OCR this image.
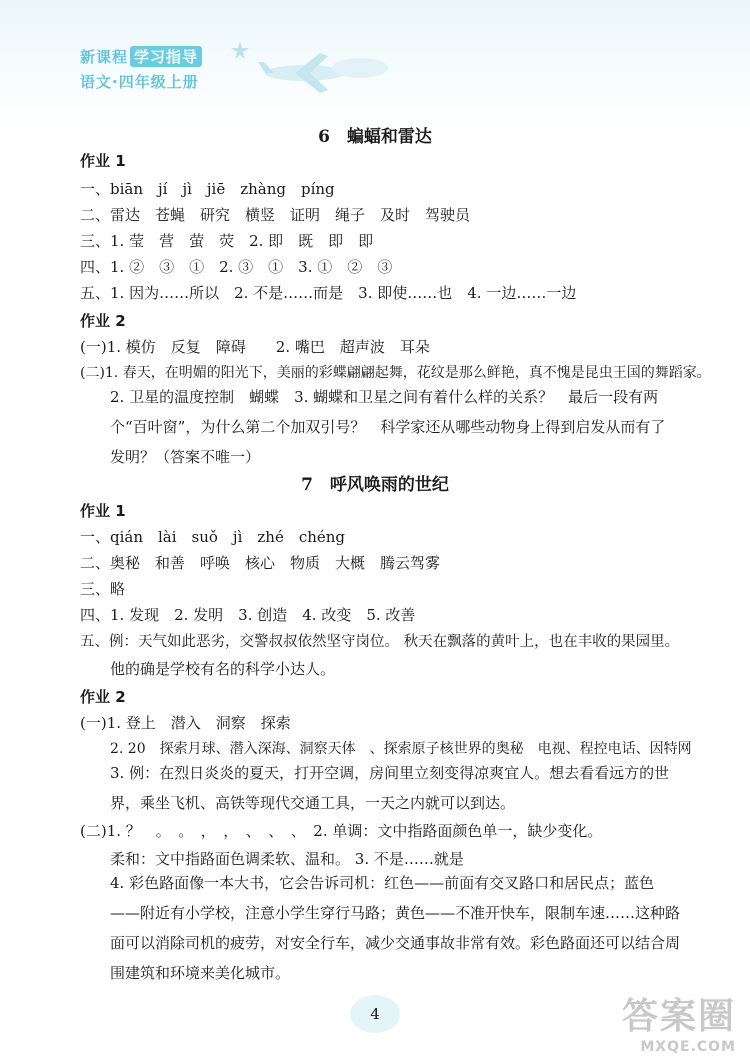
新课程 学习指导
语文·四年级上册
6　蝙蝠和雷达
作业 1
一、biān　jí　jì　jiē　zhàng　píng
二、雷达　苍蝇　研究　横竖　证明　绳子　及时　驾驶员
三、1. 莹　营　萤　荧　2. 即　既　即　即
四、1. ②　③　①　2. ③　①　3. ①　②　③
五、1. 因为……所以　2. 不是……而是　3. 即使……也　4. 一边……一边
作业 2
(一)1. 模仿　反复　障碍　　2. 嘴巴　超声波　耳朵
(二)1. 春天，在明媚的阳光下，美丽的彩蝶翩翩起舞，花纹是那么鲜艳，真不愧是昆虫王国的舞蹈家。
2. 卫星的温度控制　蝴蝶　3. 蝴蝶和卫星之间有着什么样的关系？　最后一段有两个“百叶窗”，为什么第二个加双引号？　科学家还从哪些动物身上得到启发从而有了发明？（答案不唯一）
7　呼风唤雨的世纪
作业 1
一、qián　lài　suǒ　jì　zhé　chéng
二、奥秘　和善　呼唤　核心　物质　大概　腾云驾雾
三、略
四、1. 发现　2. 发明　3. 创造　4. 改变　5. 改善
五、例：天气如此恶劣，交警叔叔依然坚守岗位。 秋天在飘落的黄叶上，也在丰收的果园里。
他的确是学校有名的科学小达人。
作业 2
(一)1. 登上　潜入　洞察　探索
2. 20　探索月球、潜入深海、洞察天体　、探索原子核世界的奥秘　电视、程控电话、因特网
3. 例：在烈日炎炎的夏天，打开空调，房间里立刻变得凉爽宜人。想去看看远方的世界，乘坐飞机、高铁等现代交通工具，一天之内就可以到达。
(二)1. ？　。　。　，　，　、　、　、　2. 单调：文中指路面颜色单一，缺少变化。
柔和：文中指路面色调柔软、温和。 3. 不是……就是
4. 彩色路面像一本大书，它会告诉司机：红色——前面有交叉路口和居民点；蓝色——附近有小学校，注意小学生穿行马路；黄色——不准开快车，限制车速……这种路面可以消除司机的疲劳，对安全行车，减少交通事故非常有效。彩色路面还可以结合周围建筑和环境来美化城市。
4	答案圈
MXQE.COM
